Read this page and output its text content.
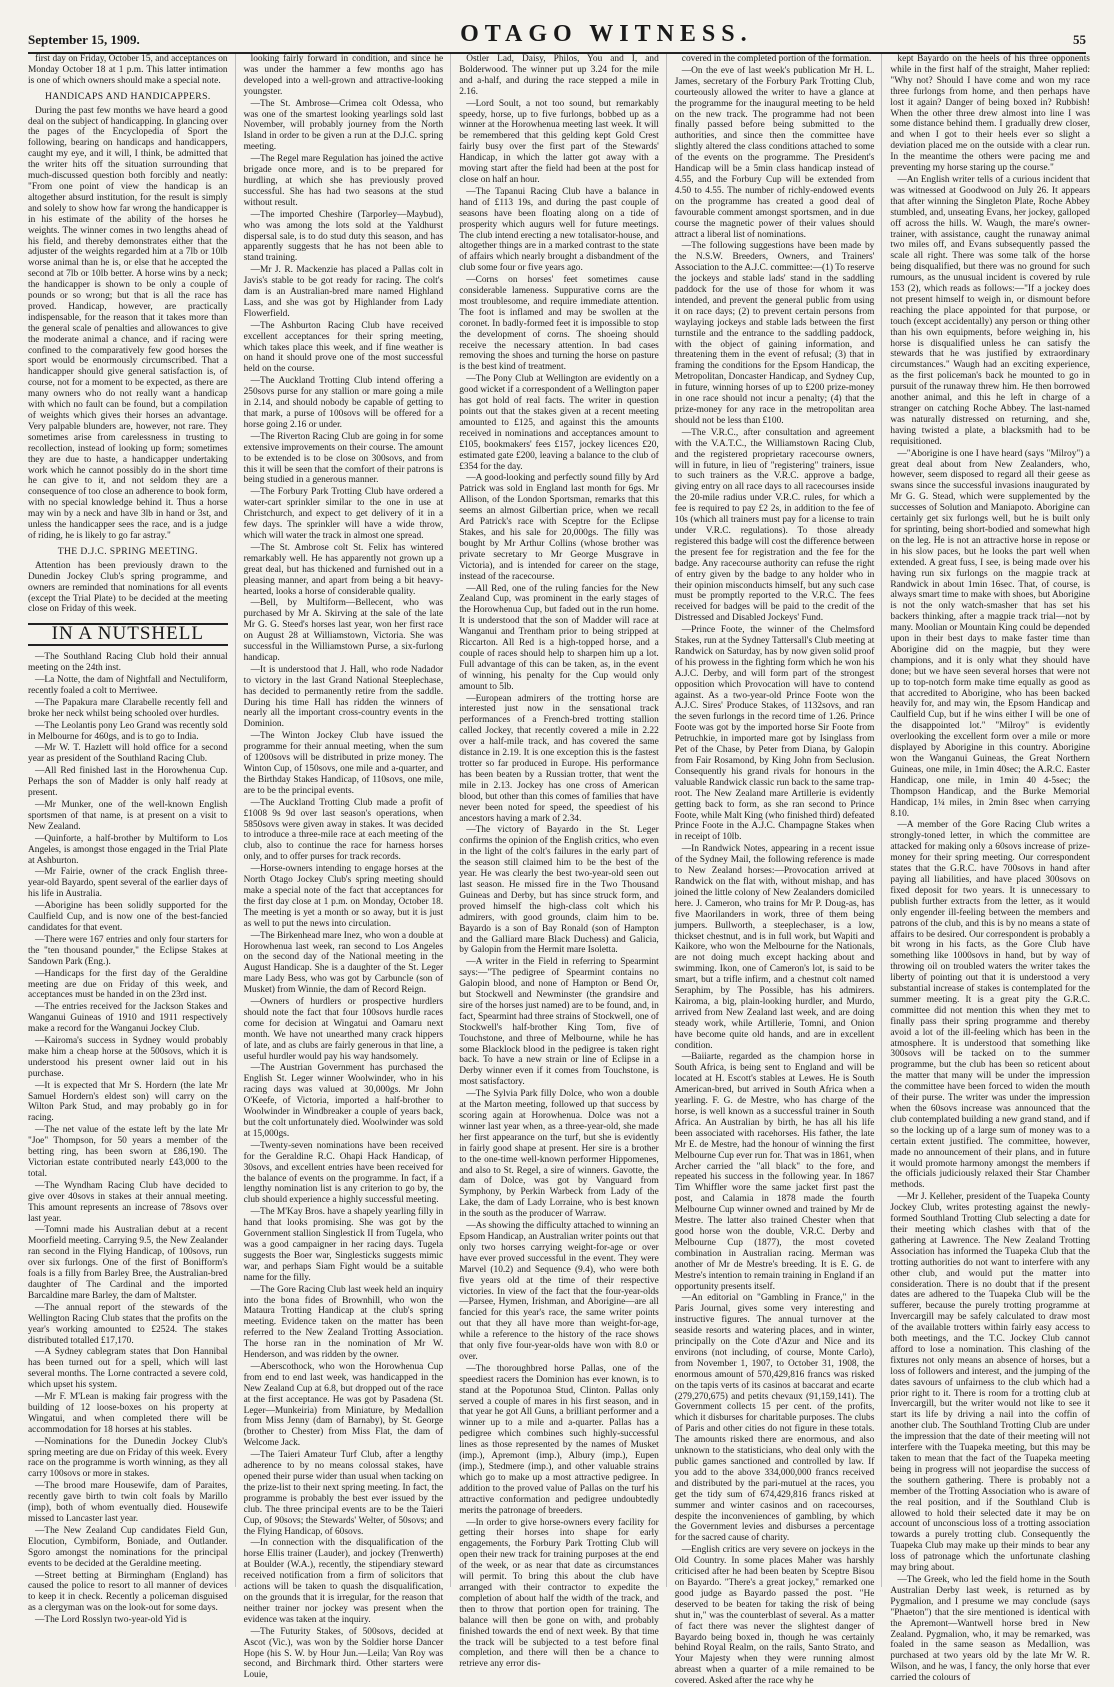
September 15, 1909.	OTAGO WITNESS.	55

first day on Friday, October 15, and acceptances on Monday October 18 at 1 p.m. This latter intimation is one of which owners should make a special note.

HANDICAPS AND HANDICAPPERS.

During the past few months we have heard a good deal on the subject of handicapping. In glancing over the pages of the Encyclopedia of Sport the following, bearing on handicaps and handicappers, caught my eye, and it will, I think, be admitted that the writer hits off the situation surrounding that much-discussed question both forcibly and neatly: "From one point of view the handicap is an altogether absurd institution, for the result is simply and solely to show how far wrong the handicapper is in his estimate of the ability of the horses he weights. The winner comes in two lengths ahead of his field, and thereby demonstrates either that the adjuster of the weights regarded him at a 7lb or 10lb worse animal than he is, or else that he accepted the second at 7lb or 10lb better. A horse wins by a neck; the handicapper is shown to be only a couple of pounds or so wrong; but that is all the race has proved. Handicap, however, are practically indispensable, for the reason that it takes more than the general scale of penalties and allowances to give the moderate animal a chance, and if racing were confined to the comparatively few good horses the sport would be enormously circumscribed. That a handicapper should give general satisfaction is, of course, not for a moment to be expected, as there are many owners who do not really want a handicap with which no fault can be found, but a compilation of weights which gives their horses an advantage. Very palpable blunders are, however, not rare. They sometimes arise from carelessness in trusting to recollection, instead of looking up form; sometimes they are due to haste, a handicapper undertaking work which he cannot possibly do in the short time he can give to it, and not seldom they are a consequence of too close an adherence to book form, with no special knowledge behind it. Thus a horse may win by a neck and have 3lb in hand or 3st, and unless the handicapper sees the race, and is a judge of riding, he is likely to go far astray."

THE D.J.C. SPRING MEETING.

Attention has been previously drawn to the Dunedin Jockey Club's spring programme, and owners are reminded that nominations for all events (except the Trial Plate) to be decided at the meeting close on Friday of this week.

IN A NUTSHELL

—The Southland Racing Club hold their annual meeting on the 24th inst.

—La Notte, the dam of Nightfall and Nectuliform, recently foaled a colt to Merriwee.

—The Papakura mare Clarabelle recently fell and broke her neck whilst being schooled over hurdles.

—The Leolantis pony Leo Grand was recently sold in Melbourne for 460gs, and is to go to India.

—Mr W. T. Hazlett will hold office for a second year as president of the Southland Racing Club.

—All Red finished last in the Horowhenua Cup. Perhaps the son of Madder is only half ready at present.

—Mr Munker, one of the well-known English sportsmen of that name, is at present on a visit to New Zealand.

—Quinforte, a half-brother by Multiform to Los Angeles, is amongst those engaged in the Trial Plate at Ashburton.

—Mr Fairie, owner of the crack English three-year-old Bayardo, spent several of the earlier days of his life in Australia.

—Aborigine has been solidly supported for the Caulfield Cup, and is now one of the best-fancied candidates for that event.

—There were 167 entries and only four starters for the "ten thousand pounder," the Eclipse Stakes at Sandown Park (Eng.).

—Handicaps for the first day of the Geraldine meeting are due on Friday of this week, and acceptances must be handed in on the 23rd inst.

—The entries received for the Jackson Stakes and Wanganui Guineas of 1910 and 1911 respectively make a record for the Wanganui Jockey Club.

—Kairoma's success in Sydney would probably make him a cheap horse at the 500sovs, which it is understood his present owner laid out in his purchase.

—It is expected that Mr S. Hordern (the late Mr Samuel Hordern's eldest son) will carry on the Wilton Park Stud, and may probably go in for racing.

—The net value of the estate left by the late Mr "Joe" Thompson, for 50 years a member of the betting ring, has been sworn at £86,190. The Victorian estate contributed nearly £43,000 to the total.

—The Wyndham Racing Club have decided to give over 40sovs in stakes at their annual meeting. This amount represents an increase of 78sovs over last year.

—Tomni made his Australian debut at a recent Moorfield meeting. Carrying 9.5, the New Zealander ran second in the Flying Handicap, of 100sovs, run over six furlongs. One of the first of Bonifform's foals is a filly from Barley Bree, the Australian-bred daughter of The Cardinal and the imported Barcaldine mare Barley, the dam of Maltster.

—The annual report of the stewards of the Wellington Racing Club states that the profits on the year's working amounted to £2524. The stakes distributed totalled £17,170.

—A Sydney cablegram states that Don Hannibal has been turned out for a spell, which will last several months. The Lorne contracted a severe cold, which upset his system.

—Mr F. M'Lean is making fair progress with the building of 12 loose-boxes on his property at Wingatui, and when completed there will be accommodation for 18 horses at his stables.

—Nominations for the Dunedin Jockey Club's spring meeting are due on Friday of this week. Every race on the programme is worth winning, as they all carry 100sovs or more in stakes.

—The brood mare Housewife, dam of Paraites, recently gave birth to twin colt foals by Marillo (imp), both of whom eventually died. Housewife missed to Lancaster last year.

—The New Zealand Cup candidates Field Gun, Elocution, Cymbiform, Boniade, and Outlander. Sgoro amongst the nominations for the principal events to be decided at the Geraldine meeting.

—Street betting at Birmingham (England) has caused the police to resort to all manner of devices to keep it in check. Recently a policeman disguised as a clergyman was on the look-out for some days.

—The Lord Rosslyn two-year-old Yid is

looking fairly forward in condition, and since he was under the hammer a few months ago has developed into a well-grown and attractive-looking youngster.

—The St. Ambrose—Crimea colt Odessa, who was one of the smartest looking yearlings sold last November, will probably journey from the North Island in order to be given a run at the D.J.C. spring meeting.

—The Regel mare Regulation has joined the active brigade once more, and is to be prepared for hurdling, at which she has previously proved successful. She has had two seasons at the stud without result.

—The imported Cheshire (Tarporley—Maybud), who was among the lots sold at the Yaldhurst dispersal sale, is to do stud duty this season, and has apparently suggests that he has not been able to stand training.

—Mr J. R. Mackenzie has placed a Pallas colt in Javis's stable to be got ready for racing. The colt's dam is an Australian-bred mare named Highland Lass, and she was got by Highlander from Lady Flowerfield.

—The Ashburton Racing Club have received excellent acceptances for their spring meeting, which takes place this week, and if fine weather is on hand it should prove one of the most successful held on the course.

—The Auckland Trotting Club intend offering a 250sovs purse for any stallion or mare going a mile in 2.14, and should nobody be capable of getting to that mark, a purse of 100sovs will be offered for a horse going 2.16 or under.

—The Riverton Racing Club are going in for some extensive improvements on their course. The amount to be extended is to be close on 300sovs, and from this it will be seen that the comfort of their patrons is being studied in a generous manner.

—The Forbury Park Trotting Club have ordered a water-cart sprinkler similar to the one in use at Christchurch, and expect to get delivery of it in a few days. The sprinkler will have a wide throw, which will water the track in almost one spread.

—The St. Ambrose colt St. Felix has wintered remarkably well. He has apparently not grown up a great deal, but has thickened and furnished out in a pleasing manner, and apart from being a bit heavy-hearted, looks a horse of considerable quality.

—Bell, by Multiform—Bellecent, who was purchased by Mr A. Skirving at the sale of the late Mr G. G. Steed's horses last year, won her first race on August 28 at Williamstown, Victoria. She was successful in the Williamstown Purse, a six-furlong handicap.

—It is understood that J. Hall, who rode Nadador to victory in the last Grand National Steeplechase, has decided to permanently retire from the saddle. During his time Hall has ridden the winners of nearly all the important cross-country events in the Dominion.

—The Winton Jockey Club have issued the programme for their annual meeting, when the sum of 1200sovs will be distributed in prize money. The Winton Cup, of 150sovs, one mile and a-quarter, and the Birthday Stakes Handicap, of 110sovs, one mile, are to be the principal events.

—The Auckland Trotting Club made a profit of £1008 9s 9d over last season's operations, when 5850sovs were given away in stakes. It was decided to introduce a three-mile race at each meeting of the club, also to continue the race for harness horses only, and to offer purses for track records.

—Horse-owners intending to engage horses at the North Otago Jockey Club's spring meeting should make a special note of the fact that acceptances for the first day close at 1 p.m. on Monday, October 18. The meeting is yet a month or so away, but it is just as well to put the news into circulation.

—The Birkenhead mare Inez, who won a double at Horowhenua last week, ran second to Los Angeles on the second day of the National meeting in the August Handicap. She is a daughter of the St. Leger mare Lady Bess, who was got by Carbuncle (son of Musket) from Winnie, the dam of Record Reign.

—Owners of hurdlers or prospective hurdlers should note the fact that four 100sovs hurdle races come for decision at Wingatui and Oamaru next month. We have not unearthed many crack hippers of late, and as clubs are fairly generous in that line, a useful hurdler would pay his way handsomely.

—The Austrian Government has purchased the English St. Leger winner Woolwinder, who in his racing days was valued at 30,000gs. Mr John O'Keefe, of Victoria, imported a half-brother to Woolwinder in Windbreaker a couple of years back, but the colt unfortunately died. Woolwinder was sold at 15,000gs.

—Twenty-seven nominations have been received for the Geraldine R.C. Ohapi Hack Handicap, of 30sovs, and excellent entries have been received for the balance of events on the programme. In fact, if a lengthy nomination list is any criterion to go by, the club should experience a highly successful meeting.

—The M'Kay Bros. have a shapely yearling filly in hand that looks promising. She was got by the Government stallion Singlestick II from Tugela, who was a good campaigner in her racing days. Tugela suggests the Boer war, Singlesticks suggests mimic war, and perhaps Siam Fight would be a suitable name for the filly.

—The Gore Racing Club last week held an inquiry into the bona fides of Brownhill, who won the Mataura Trotting Handicap at the club's spring meeting. Evidence taken on the matter has been referred to the New Zealand Trotting Association. The horse ran in the nomination of Mr W. Henderson, and was ridden by the owner.

—Aberscothock, who won the Horowhenua Cup from end to end last week, was handicapped in the New Zealand Cup at 6.8, but dropped out of the race at the first acceptance. He was got by Pasadena (St. Leger—Munkeiria) from Miniature, by Medallion from Miss Jenny (dam of Barnaby), by St. George (brother to Chester) from Miss Flat, the dam of Welcome Jack.

—The Taieri Amateur Turf Club, after a lengthy adherence to by no means colossal stakes, have opened their purse wider than usual when tacking on the prize-list to their next spring meeting. In fact, the programme is probably the best ever issued by the club. The three principal events are to be the Taieri Cup, of 90sovs; the Stewards' Welter, of 50sovs; and the Flying Handicap, of 60sovs.

—In connection with the disqualification of the horse Ellis trainer (Lauder), and jockey (Trenwerth) at Boulder (W.A.), recently, the stipendiary steward received notification from a firm of solicitors that actions will be taken to quash the disqualification, on the grounds that it is irregular, for the reason that neither trainer nor jockey was present when the evidence was taken at the inquiry.

—The Futurity Stakes, of 500sovs, decided at Ascot (Vic.), was won by the Soldier horse Dancer Hope (his S. W. by Hour Jun.—Leila; Van Roy was second, and Birchmark third. Other starters were Louie,

Ostler Lad, Daisy, Philos, You and I, and Bolderwood. The winner put up 3.24 for the mile and a-half, and during the race stepped a mile in 2.16.

—Lord Soult, a not too sound, but remarkably speedy, horse, up to five furlongs, bobbed up as a winner at the Horowhenua meeting last week. It will be remembered that this gelding kept Gold Crest fairly busy over the first part of the Stewards' Handicap, in which the latter got away with a moving start after the field had been at the post for close on half an hour.

—The Tapanui Racing Club have a balance in hand of £113 19s, and during the past couple of seasons have been floating along on a tide of prosperity which augurs well for future meetings. The club intend erecting a new totalisator-house, and altogether things are in a marked contrast to the state of affairs which nearly brought a disbandment of the club some four or five years ago.

—Corns on horses' feet sometimes cause considerable lameness. Suppurative corns are the most troublesome, and require immediate attention. The foot is inflamed and may be swollen at the coronet. In badly-formed feet it is impossible to stop the development of corns. The shoeing should receive the necessary attention. In bad cases removing the shoes and turning the horse on pasture is the best kind of treatment.

—The Pony Club at Wellington are evidently on a good wicket if a correspondent of a Wellington paper has got hold of real facts. The writer in question points out that the stakes given at a recent meeting amounted to £125, and against this the amounts received in nominations and acceptances amount to £105, bookmakers' fees £157, jockey licences £20, estimated gate £200, leaving a balance to the club of £354 for the day.

—A good-looking and perfectly sound filly by Ard Patrick was sold in England last month for 6gs. Mr Allison, of the London Sportsman, remarks that this seems an almost Gilbertian price, when we recall Ard Patrick's race with Sceptre for the Eclipse Stakes, and his sale for 20,000gs. The filly was bought by Mr Arthur Collins (whose brother was private secretary to Mr George Musgrave in Victoria), and is intended for career on the stage, instead of the racecourse.

—All Red, one of the ruling fancies for the New Zealand Cup, was prominent in the early stages of the Horowhenua Cup, but faded out in the run home. It is understood that the son of Madder will race at Wanganui and Trentham prior to being stripped at Riccarton. All Red is a high-topped horse, and a couple of races should help to sharpen him up a lot. Full advantage of this can be taken, as, in the event of winning, his penalty for the Cup would only amount to 5lb.

—European admirers of the trotting horse are interested just now in the sensational track performances of a French-bred trotting stallion called Jockey, that recently covered a mile in 2.22 over a half-mile track, and has covered the same distance in 2.19. It is one exception this is the fastest trotter so far produced in Europe. His performance has been beaten by a Russian trotter, that went the mile in 2.13. Jockey has one cross of American blood, but other than this comes of families that have never been noted for speed, the speediest of his ancestors having a mark of 2.34.

—The victory of Bayardo in the St. Leger confirms the opinion of the English critics, who even in the light of the colt's failures in the early part of the season still claimed him to be the best of the year. He was clearly the best two-year-old seen out last season. He missed fire in the Two Thousand Guineas and Derby, but has since struck form, and proved himself the high-class colt which his admirers, with good grounds, claim him to be. Bayardo is a son of Bay Ronald (son of Hampton and the Galliard mare Black Duchess) and Galicia, by Galopin from the Hermit mare Isoletta.

—A writer in the Field in referring to Spearmint says:—"The pedigree of Spearmint contains no Galopin blood, and none of Hampton or Bend Or, but Stockwell and Newminster (the grandsire and sire of the horses just named) are to be found, and, in fact, Spearmint had three strains of Stockwell, one of Stockwell's half-brother King Tom, five of Touchstone, and three of Melbourne, while he has some Blacklock blood in the pedigree is taken right back. To have a new strain or line of Eclipse in a Derby winner even if it comes from Touchstone, is most satisfactory.

—The Sylvia Park filly Dolce, who won a double at the Marton meeting, followed up that success by scoring again at Horowhenua. Dolce was not a winner last year when, as a three-year-old, she made her first appearance on the turf, but she is evidently in fairly good shape at present. Her sire is a brother to the one-time well-known performer Hippomenes, and also to St. Regel, a sire of winners. Gavotte, the dam of Dolce, was got by Vanguard from Symphony, by Perkin Warbeck from Lady of the Lake, the dam of Lady Lorraine, who is best known in the south as the producer of Warraw.

—As showing the difficulty attached to winning an Epsom Handicap, an Australian writer points out that only two horses carrying weight-for-age or over have ever proved successful in the event. They were Marvel (10.2) and Sequence (9.4), who were both five years old at the time of their respective victories. In view of the fact that the four-year-olds—Parsee, Hymen, Irishman, and Aborigine—are all fancied for this year's race, the same writer points out that they all have more than weight-for-age, while a reference to the history of the race shows that only five four-year-olds have won with 8.0 or over.

—The thoroughbred horse Pallas, one of the speediest racers the Dominion has ever known, is to stand at the Popotunoa Stud, Clinton. Pallas only served a couple of mares in his first season, and in that year he got All Guns, a brilliant performer and a winner up to a mile and a-quarter. Pallas has a pedigree which combines such highly-successful lines as those represented by the names of Musket (imp.), Apremont (imp.), Albury (imp.), Eupen (imp.), Stedmere (imp.), and other valuable strains which go to make up a most attractive pedigree. In addition to the proved value of Pallas on the turf his attractive conformation and pedigree undoubtedly merits the patronage of breeders.

—In order to give horse-owners every facility for getting their horses into shape for early engagements, the Forbury Park Trotting Club will open their new track for training purposes at the end of the week, or as near that date as circumstances will permit. To bring this about the club have arranged with their contractor to expedite the completion of about half the width of the track, and then to throw that portion open for training. The balance will then be gone on with, and probably finished towards the end of next week. By that time the track will be subjected to a test before final completion, and there will then be a chance to retrieve any error dis-

covered in the completed portion of the formation.

—On the eve of last week's publication Mr H. L. James, secretary of the Forbury Park Trotting Club, courteously allowed the writer to have a glance at the programme for the inaugural meeting to be held on the new track. The programme had not been finally passed before being submitted to the authorities, and since then the committee have slightly altered the class conditions attached to some of the events on the programme. The President's Handicap will be a 5min class handicap instead of 4.55, and the Forbury Cup will be extended from 4.50 to 4.55. The number of richly-endowed events on the programme has created a good deal of favourable comment amongst sportsmen, and in due course the magnetic power of their values should attract a liberal list of nominations.

—The following suggestions have been made by the N.S.W. Breeders, Owners, and Trainers' Association to the A.J.C. committee:—(1) To reserve the jockeys and stable lads' stand in the saddling paddock for the use of those for whom it was intended, and prevent the general public from using it on race days; (2) to prevent certain persons from waylaying jockeys and stable lads between the first turnstile and the entrance to the saddling paddock, with the object of gaining information, and threatening them in the event of refusal; (3) that in framing the conditions for the Epsom Handicap, the Metropolitan, Doncaster Handicap, and Sydney Cup, in future, winning horses of up to £200 prize-money in one race should not incur a penalty; (4) that the prize-money for any race in the metropolitan area should not be less than £100.

—The V.R.C., after consultation and agreement with the V.A.T.C., the Williamstown Racing Club, and the registered proprietary racecourse owners, will in future, in lieu of "registering" trainers, issue to such trainers as the V.R.C. approve a badge, giving entry on all race days to all racecourses inside the 20-mile radius under V.R.C. rules, for which a fee is required to pay £2 2s, in addition to the fee of 10s (which all trainers must pay for a license to train under V.R.C. regulations). To those already registered this badge will cost the difference between the present fee for registration and the fee for the badge. Any racecourse authority can refuse the right of entry given by the badge to any holder who in their opinion misconducts himself, but any such case must be promptly reported to the V.R.C. The fees received for badges will be paid to the credit of the Distressed and Disabled Jockeys' Fund.

—Prince Foote, the winner of the Chelmsford Stakes, run at the Sydney Tattersall's Club meeting at Randwick on Saturday, has by now given solid proof of his prowess in the fighting form which he won his A.J.C. Derby, and will form part of the strongest opposition which Provocation will have to contend against. As a two-year-old Prince Foote won the A.J.C. Sires' Produce Stakes, of 1132sovs, and ran the seven furlongs in the record time of 1.26. Prince Foote was got by the imported horse Sir Foote from Petruchkie, in imported mare got by Isinglass from Pet of the Chase, by Peter from Diana, by Galopin from Fair Rosamond, by King John from Seclusion. Consequently his grand rivals for honours in the valuable Randwick classic run back to the same trap-root. The New Zealand mare Artillerie is evidently getting back to form, as she ran second to Prince Foote, while Malt King (who finished third) defeated Prince Foote in the A.J.C. Champagne Stakes when in receipt of 10lb.

—In Randwick Notes, appearing in a recent issue of the Sydney Mail, the following reference is made to New Zealand horses:—Provocation arrived at Randwick on the flat with, without mishap, and has joined the little colony of New Zealanders domiciled here. J. Cameron, who trains for Mr P. Doug-as, has five Maorilanders in work, three of them being jumpers. Bullworth, a steeplechaser, is a low, thickset chestnut, and is in full work, but Wapiti and Kaikore, who won the Melbourne for the Nationals, are not doing much except hacking about and swimming. Ikon, one of Cameron's lot, is said to be smart, but a trifle infirm, and a chestnut colt named Seraphim, by The Possible, has his admirers. Kairoma, a big, plain-looking hurdler, and Murdo, arrived from New Zealand last week, and are doing steady work, while Artillerie, Tomni, and Onion have become quite old hands, and are in excellent condition.

—Baiiarte, regarded as the champion horse in South Africa, is being sent to England and will be located at H. Escott's stables at Lewes. He is South American-bred, but arrived in South Africa when a yearling. F. G. de Mestre, who has charge of the horse, is well known as a successful trainer in South Africa. An Australian by birth, he has all his life been associated with racehorses. His father, the late Mr E. de Mestre, had the honour of winning the first Melbourne Cup ever run for. That was in 1861, when Archer carried the "all black" to the fore, and repeated his success in the following year. In 1867 Tim Whiffler wore the same jacket first past the post, and Calamia in 1878 made the fourth Melbourne Cup winner owned and trained by Mr de Mestre. The latter also trained Chester when that good horse won the double, V.R.C. Derby and Melbourne Cup (1877), the most coveted combination in Australian racing. Merman was another of Mr de Mestre's breeding. It is E. G. de Mestre's intention to remain training in England if an opportunity presents itself.

—An editorial on "Gambling in France," in the Paris Journal, gives some very interesting and instructive figures. The annual turnover at the seaside resorts and watering places, and in winter, principally on the Cote d'Azur and Nice and its environs (not including, of course, Monte Carlo), from November 1, 1907, to October 31, 1908, the enormous amount of 570,429,816 francs was risked on the tapis verts of its casinos at baccarat and ecarte (279,270,675) and petits chevaux (91,159,141). The Government collects 15 per cent. of the profits, which it disburses for charitable purposes. The clubs of Paris and other cities do not figure in these totals. The amounts risked there are enormous, and also unknown to the statisticians, who deal only with the public games sanctioned and controlled by law. If you add to the above 334,000,000 francs received and distributed by the pari-mutuel at the races, you get the tidy sum of 674,429,816 francs risked at summer and winter casinos and on racecourses, despite the inconveniences of gambling, by which the Government levies and disburses a percentage for the sacred cause of charity.

—English critics are very severe on jockeys in the Old Country. In some places Maher was harshly criticised after he had been beaten by Sceptre Bisou on Bayardo. "There's a great jockey," remarked one good judge as Bayardo passed the post. "He deserved to be beaten for taking the risk of being shut in," was the counterblast of several. As a matter of fact there was never the slightest danger of Bayardo being boxed in, though he was certainly behind Royal Realm, on the rails, Santo Strato, and Your Majesty when they were running almost abreast when a quarter of a mile remained to be covered. Asked after the race why he

kept Bayardo on the heels of his three opponents while in the first half of the straight, Maher replied: "Why not? Should I have come and won my race three furlongs from home, and then perhaps have lost it again? Danger of being boxed in? Rubbish! When the other three drew almost into line I was some distance behind them. I gradually drew closer, and when I got to their heels ever so slight a deviation placed me on the outside with a clear run. In the meantime the others were pacing me and preventing my horse staring up the course."

—An English writer tells of a curious incident that was witnessed at Goodwood on July 26. It appears that after winning the Singleton Plate, Roche Abbey stumbled, and, unseating Evans, her jockey, galloped off across the hills. W. Waugh, the mare's owner-trainer, with assistance, caught the runaway animal two miles off, and Evans subsequently passed the scale all right. There was some talk of the horse being disqualified, but there was no ground for such rumours, as the unusual incident is covered by rule 153 (2), which reads as follows:—"If a jockey does not present himself to weigh in, or dismount before reaching the place appointed for that purpose, or touch (except accidentally) any person or thing other than his own equipments, before weighing in, his horse is disqualified unless he can satisfy the stewards that he was justified by extraordinary circumstances." Waugh had an exciting experience, as the first policeman's back he mounted to go in pursuit of the runaway threw him. He then borrowed another animal, and this he left in charge of a stranger on catching Roche Abbey. The last-named was naturally distressed on returning, and she, having twisted a plate, a blacksmith had to be requisitioned.

—"Aborigine is one I have heard (says "Milroy") a great deal about from New Zealanders, who, however, seem disposed to regard all their geese as swans since the successful invasions inaugurated by Mr G. G. Stead, which were supplemented by the successes of Solution and Maniapoto. Aborigine can certainly get six furlongs well, but he is built only for sprinting, being short-bodied and somewhat high on the leg. He is not an attractive horse in repose or in his slow paces, but he looks the part well when extended. A great fuss, I see, is being made over his having run six furlongs on the magpie track at Randwick in about 1min 16sec. That, of course, is always smart time to make with shoes, but Aborigine is not the only watch-smasher that has set his backers thinking, after a magpie track trial—not by many. Moolian or Mountain King could be depended upon in their best days to make faster time than Aborigine did on the magpie, but they were champions, and it is only what they should have done; but we have seen several horses that were not up to top-notch form make time equally as good as that accredited to Aborigine, who has been backed heavily for, and may win, the Epsom Handicap and Caulfield Cup, but if he wins either I will be one of the disappointed lot." "Milroy" is evidently overlooking the excellent form over a mile or more displayed by Aborigine in this country. Aborigine won the Wanganui Guineas, the Great Northern Guineas, one mile, in 1min 40sec; the A.R.C. Easter Handicap, one mile, in 1min 40 4-5sec; the Thompson Handicap, and the Burke Memorial Handicap, 1¼ miles, in 2min 8sec when carrying 8.10.

—A member of the Gore Racing Club writes a strongly-toned letter, in which the committee are attacked for making only a 60sovs increase of prize-money for their spring meeting. Our correspondent states that the G.R.C. have 700sovs in hand after paying all liabilities, and have placed 300sovs on fixed deposit for two years. It is unnecessary to publish further extracts from the letter, as it would only engender ill-feeling between the members and patrons of the club, and this is by no means a state of affairs to be desired. Our correspondent is probably a bit wrong in his facts, as the Gore Club have something like 1000sovs in hand, but by way of throwing oil on troubled waters the writer takes the liberty of pointing out that it is understood a very substantial increase of stakes is contemplated for the summer meeting. It is a great pity the G.R.C. committee did not mention this when they met to finally pass their spring programme and thereby avoid a lot of the ill-feeling which has been in the atmosphere. It is understood that something like 300sovs will be tacked on to the summer programme, but the club has been so reticent about the matter that many will be under the impression the committee have been forced to widen the mouth of their purse. The writer was under the impression when the 60sovs increase was announced that the club contemplated building a new grand stand, and if so the locking up of a large sum of money was to a certain extent justified. The committee, however, made no announcement of their plans, and in future it would promote harmony amongst the members if the officials judiciously relaxed their Star Chamber methods.

—Mr J. Kelleher, president of the Tuapeka County Jockey Club, writes protesting against the newly-formed Southland Trotting Club selecting a date for their meeting which clashes with that of the gathering at Lawrence. The New Zealand Trotting Association has informed the Tuapeka Club that the trotting authorities do not want to interfere with any other club, and would put the matter into consideration. There is no doubt that if the present dates are adhered to the Tuapeka Club will be the sufferer, because the purely trotting programme at Invercargill may be safely calculated to draw most of the available trotters within fairly easy access to both meetings, and the T.C. Jockey Club cannot afford to lose a nomination. This clashing of the fixtures not only means an absence of horses, but a loss of followers and interest, and the jumping of the dates savours of unfairness to the club which had a prior right to it. There is room for a trotting club at Invercargill, but the writer would not like to see it start its life by driving a nail into the coffin of another club. The Southland Trotting Club are under the impression that the date of their meeting will not interfere with the Tuapeka meeting, but this may be taken to mean that the fact of the Tuapeka meeting being in progress will not jeopardise the success of the southern gathering. There is probably not a member of the Trotting Association who is aware of the real position, and if the Southland Club is allowed to hold their selected date it may be on account of unconscious loss of a trotting association towards a purely trotting club. Consequently the Tuapeka Club may make up their minds to bear any loss of patronage which the unfortunate clashing may bring about.

—The Greek, who led the field home in the South Australian Derby last week, is returned as by Pygmalion, and I presume we may conclude (says "Phaeton") that the sire mentioned is identical with the Apremont—Wantwell horse bred in New Zealand. Pygmalion, who, it may be remarked, was foaled in the same season as Medallion, was purchased at two years old by the late Mr W. R. Wilson, and he was, I fancy, the only horse that ever carried the colours of
